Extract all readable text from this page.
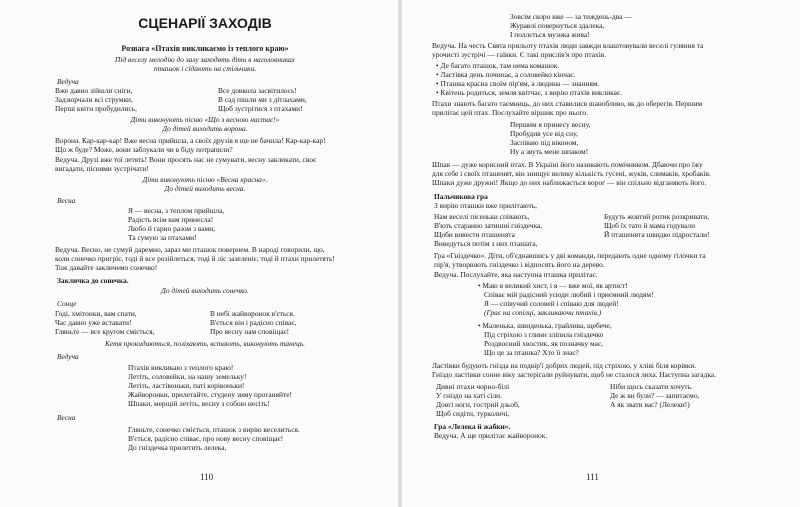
СЦЕНАРІЇ ЗАХОДІВ
Розвага «Птахів викликаємо із теплого краю»
Під веселу мелодію до залу заходять діти в наголовниках
пташок і сідають на стільчики.
Ведуча
Вже давно зійшли сніги,
Задзюрчали всі струмки,
Перші квіти пробудились,
Все довкола засвітилось!
В сад пішли ми з дітлахами,
Щоб зустрітися з птахами!
Діти виконують пісню «Що з весною настає!»
До дітей виходить ворона.
Ворона. Кар-кар-кар! Вже весна прийшла, а своїх друзів я ще не бачила! Кар-кар-кар!
Що ж буде? Може, вони заблукали чи в біду потрапили?
Ведуча. Друзі вже тої летять! Вони просять нас не сумувати, весну закликати, своє
вигадати, піснями зустрічати!
Діти виконують пісню «Весна красна».
До дітей виходить весна.
Весна
Я — весна, з теплом прийшла,
Радість всім вам принесла!
Любо й гарно разом з вами,
Та сумую за птахами!
Ведуча. Весно, не сумуй даремно, зараз ми пташок повернем. В народі говорили, що,
коли сонечко пригріє, тоді й все розійлеться, тоді й ліс зазеленіє, тоді й птахи прилетять!
Тож давайте закличемо сонечко!
Закличка до сонечка.
До дітей виходить сонечко.
Сонце
Годі, хмітонки, вам спати,
Час давно уже вставати!
Гляньте — все кругом сміється,
В небі жайворонок в'ється.
В'ється він і радісно співає,
Про весну нам сповіщає!
Кетя прокидаються, позіхають, встають, виконують танець.
Ведуча
Птахів викликаю з теплого краю!
Летіть, соловейки, на нашу земельку!
Летіть, ластівоньки, паті корівоньки!
Жайворонки, прилетайте, студену зиму проганяйте!
Шпаки, мерщій летіть, весну з собою несіть!
Весна
Гляньте, сонечко сміється, пташок з вирію веселиться.
В'ється, радісно співає, про нову весну сповіщає!
До гніздечка прилетить лелека,
110
Зовсім скоро вже — за тиждень-два —
Журавлі повернуться здалека,
І поллється музика жива!
Ведуча. На честь Свята прильоту птахів люди завжди влаштовували веселі гуляння та
урочисті зустрічі — гаївки. Є такі прислів'я про птахів.
• Де багато пташок, там нема комашок.
• Ластівка день починає, а соловейко кінчає.
• Пташка красна своїм пір'ям, а людина — знанням.
• Квітень родиться, земля квітчає, з вирію птахів викликає.
Птахи знають багато таємниць, до них ставилися шанобливо, як до оберегів. Першим
прилітає цей птах. Послухайте віршик про нього.
Першим я принесу весну,
Пробудив усе від сну,
Заспіваю під віконом,
Ну а звуть мене шпаком!
Шпак — дуже корисний птах. В Україні його називають помічником. Дбаючи про їжу
для себе і своїх пташенят, він знищує велику кількість гусені, жуків, слимаків, хробаків.
Шпаки дуже дружні! Якщо до них наближається ворог — він спільно відганяють його.
Пальчикова гра
З вирію пташки вже прилітають,
Нам веселі пісеньки співають,
В'ють старанно затишні гніздечка,
Щоби вивести пташенята
Будуть жовтий ротик розкривати,
Щоб їх тато й мама годували
Й пташенята швидко підростали!
Виведуться потім з них пташата,
Гра «Гніздечко». Діти, об'єднавшись у дві команди, передають одне одному гілочки та
пір'я, утворюють гніздечко і відносять його на дерево.
Ведуча. Послухайте, яка наступна пташка прилітає.
• Маю в великий хист, і я — вже мої, як артист!
Співає мій радісний усюди любий і приємний людям!
Я — співучий соловей і співаю для людей!
(Грає на сопілці, закликаючи птахів.)
• Маленька, швиденька, грайлива, щебече,
Під стріхою з глини зліпила гніздечко
Роздвоєний хвостик, як позначку має,
Що це за пташка? Хто її знає?
Ластівки будують гнізда на подвір'ї добрих людей, під стріхою, у хліві біля корівки.
Гніздо ластівки сонне віку застерігали руйнувати, щоб не сталося лиха. Наступна загадка.
Дивні птахи чорно-білі
У гніздо на хаті сіли.
Довгі ноги, гострий дзьоб,
Щоб сидіти, турколичі,
Ніби щось сказати хочуть.
Де ж ви були? — запитаємо,
А як звати вас? (Лелеки!)
Гра «Лелека й жабки».
Ведуча. А ще прилітає жайворонок.
111
